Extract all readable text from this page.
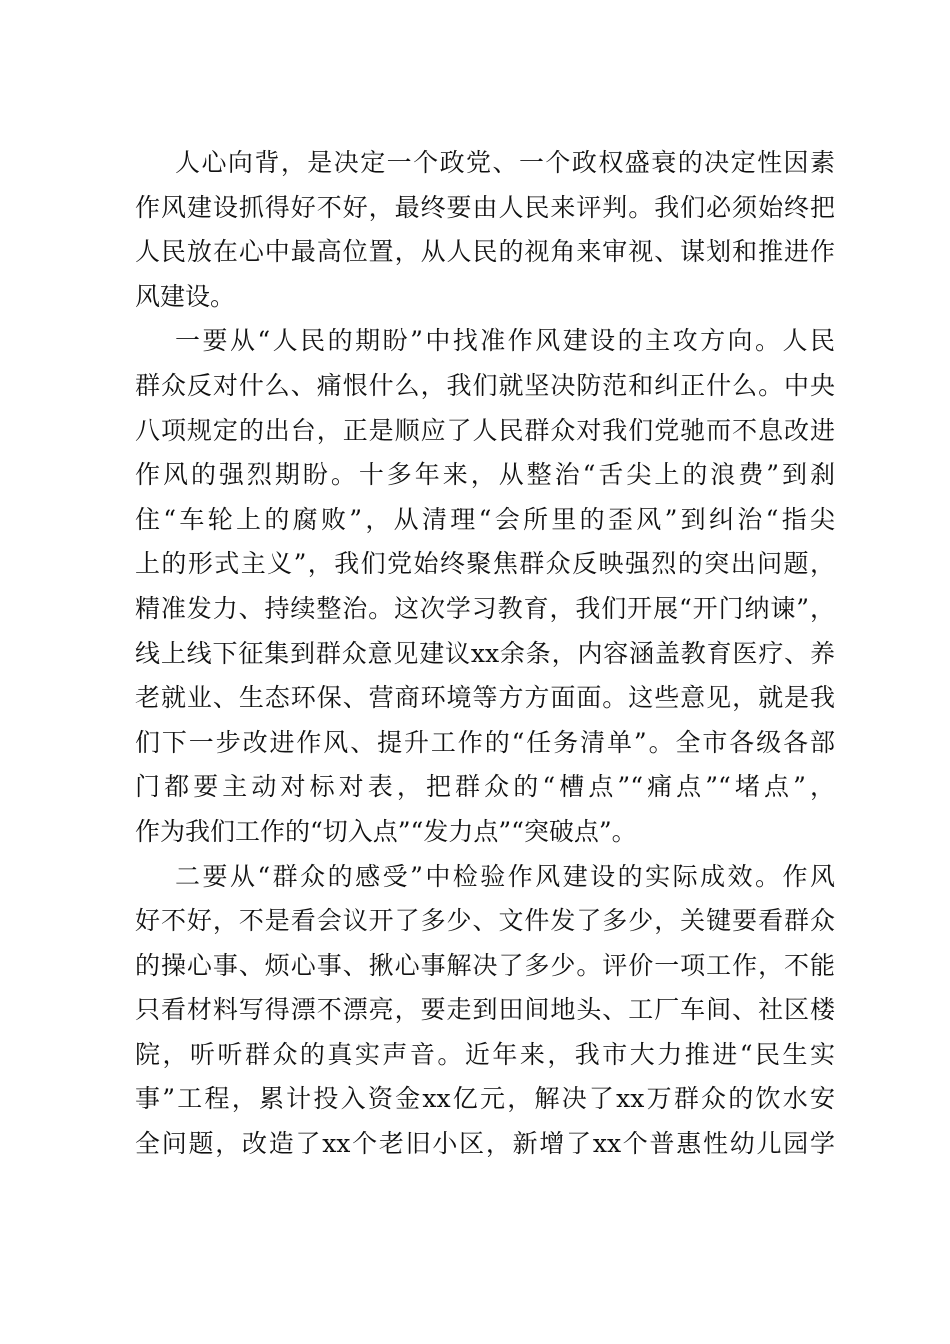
人心向背，是决定一个政党、一个政权盛衰的决定性因素
作风建设抓得好不好，最终要由人民来评判。我们必须始终把
人民放在心中最高位置，从人民的视角来审视、谋划和推进作
风建设。
一要从“人民的期盼”中找准作风建设的主攻方向。人民
群众反对什么、痛恨什么，我们就坚决防范和纠正什么。中央
八项规定的出台，正是顺应了人民群众对我们党驰而不息改进
作风的强烈期盼。十多年来，从整治“舌尖上的浪费”到刹
住“车轮上的腐败”，从清理“会所里的歪风”到纠治“指尖
上的形式主义”，我们党始终聚焦群众反映强烈的突出问题，
精准发力、持续整治。这次学习教育，我们开展“开门纳谏”，
线上线下征集到群众意见建议xx余条，内容涵盖教育医疗、养
老就业、生态环保、营商环境等方方面面。这些意见，就是我
们下一步改进作风、提升工作的“任务清单”。全市各级各部
门都要主动对标对表，把群众的“槽点”“痛点”“堵点”，
作为我们工作的“切入点”“发力点”“突破点”。
二要从“群众的感受”中检验作风建设的实际成效。作风
好不好，不是看会议开了多少、文件发了多少，关键要看群众
的操心事、烦心事、揪心事解决了多少。评价一项工作，不能
只看材料写得漂不漂亮，要走到田间地头、工厂车间、社区楼
院，听听群众的真实声音。近年来，我市大力推进“民生实
事”工程，累计投入资金xx亿元，解决了xx万群众的饮水安
全问题，改造了xx个老旧小区，新增了xx个普惠性幼儿园学
